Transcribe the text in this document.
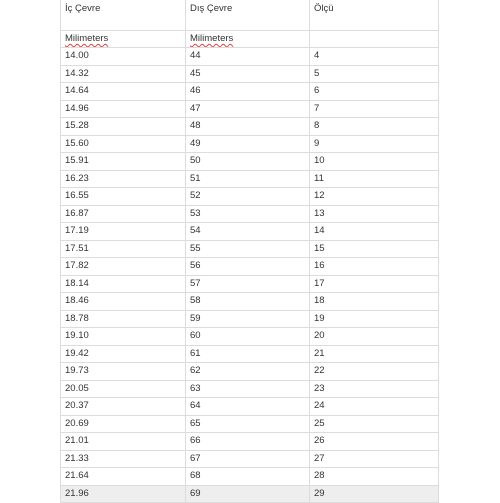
İç Çevre	Dış Çevre	Ölçü
Milimeters	Milimeters	
14.00	44	4
14.32	45	5
14.64	46	6
14.96	47	7
15.28	48	8
15.60	49	9
15.91	50	10
16.23	51	11
16.55	52	12
16.87	53	13
17.19	54	14
17.51	55	15
17.82	56	16
18.14	57	17
18.46	58	18
18.78	59	19
19.10	60	20
19.42	61	21
19.73	62	22
20.05	63	23
20.37	64	24
20.69	65	25
21.01	66	26
21.33	67	27
21.64	68	28
21.96	69	29
